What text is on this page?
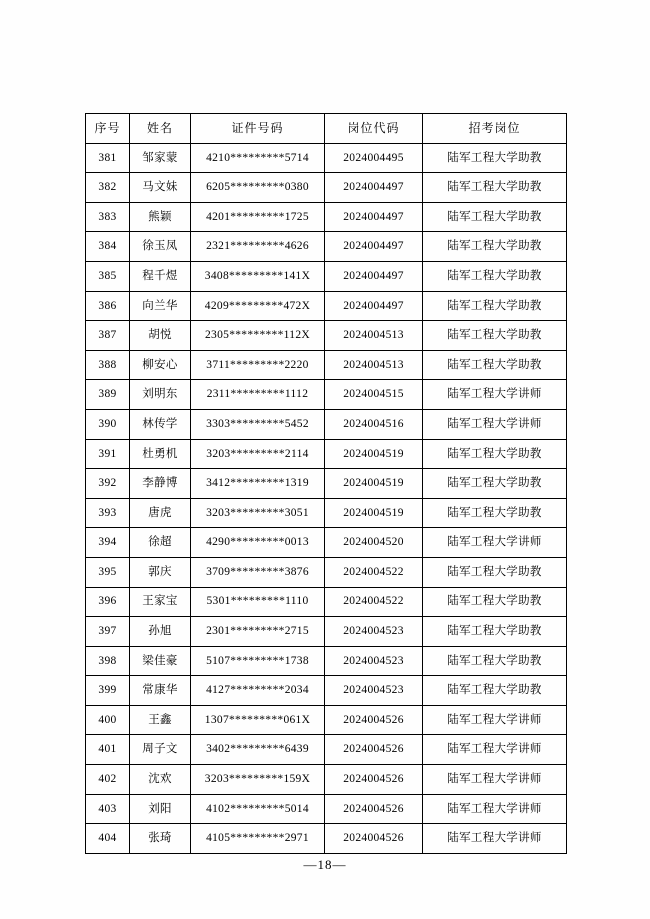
序号	姓名	证件号码	岗位代码	招考岗位
381	邹家蒙	4210*********5714	2024004495	陆军工程大学助教
382	马文妹	6205*********0380	2024004497	陆军工程大学助教
383	熊颖	4201*********1725	2024004497	陆军工程大学助教
384	徐玉凤	2321*********4626	2024004497	陆军工程大学助教
385	程千煜	3408*********141X	2024004497	陆军工程大学助教
386	向兰华	4209*********472X	2024004497	陆军工程大学助教
387	胡悦	2305*********112X	2024004513	陆军工程大学助教
388	柳安心	3711*********2220	2024004513	陆军工程大学助教
389	刘明东	2311*********1112	2024004515	陆军工程大学讲师
390	林传学	3303*********5452	2024004516	陆军工程大学讲师
391	杜勇机	3203*********2114	2024004519	陆军工程大学助教
392	李静博	3412*********1319	2024004519	陆军工程大学助教
393	唐虎	3203*********3051	2024004519	陆军工程大学助教
394	徐超	4290*********0013	2024004520	陆军工程大学讲师
395	郭庆	3709*********3876	2024004522	陆军工程大学助教
396	王家宝	5301*********1110	2024004522	陆军工程大学助教
397	孙旭	2301*********2715	2024004523	陆军工程大学助教
398	梁佳豪	5107*********1738	2024004523	陆军工程大学助教
399	常康华	4127*********2034	2024004523	陆军工程大学助教
400	王鑫	1307*********061X	2024004526	陆军工程大学讲师
401	周子文	3402*********6439	2024004526	陆军工程大学讲师
402	沈欢	3203*********159X	2024004526	陆军工程大学讲师
403	刘阳	4102*********5014	2024004526	陆军工程大学讲师
404	张琦	4105*********2971	2024004526	陆军工程大学讲师
—18—
